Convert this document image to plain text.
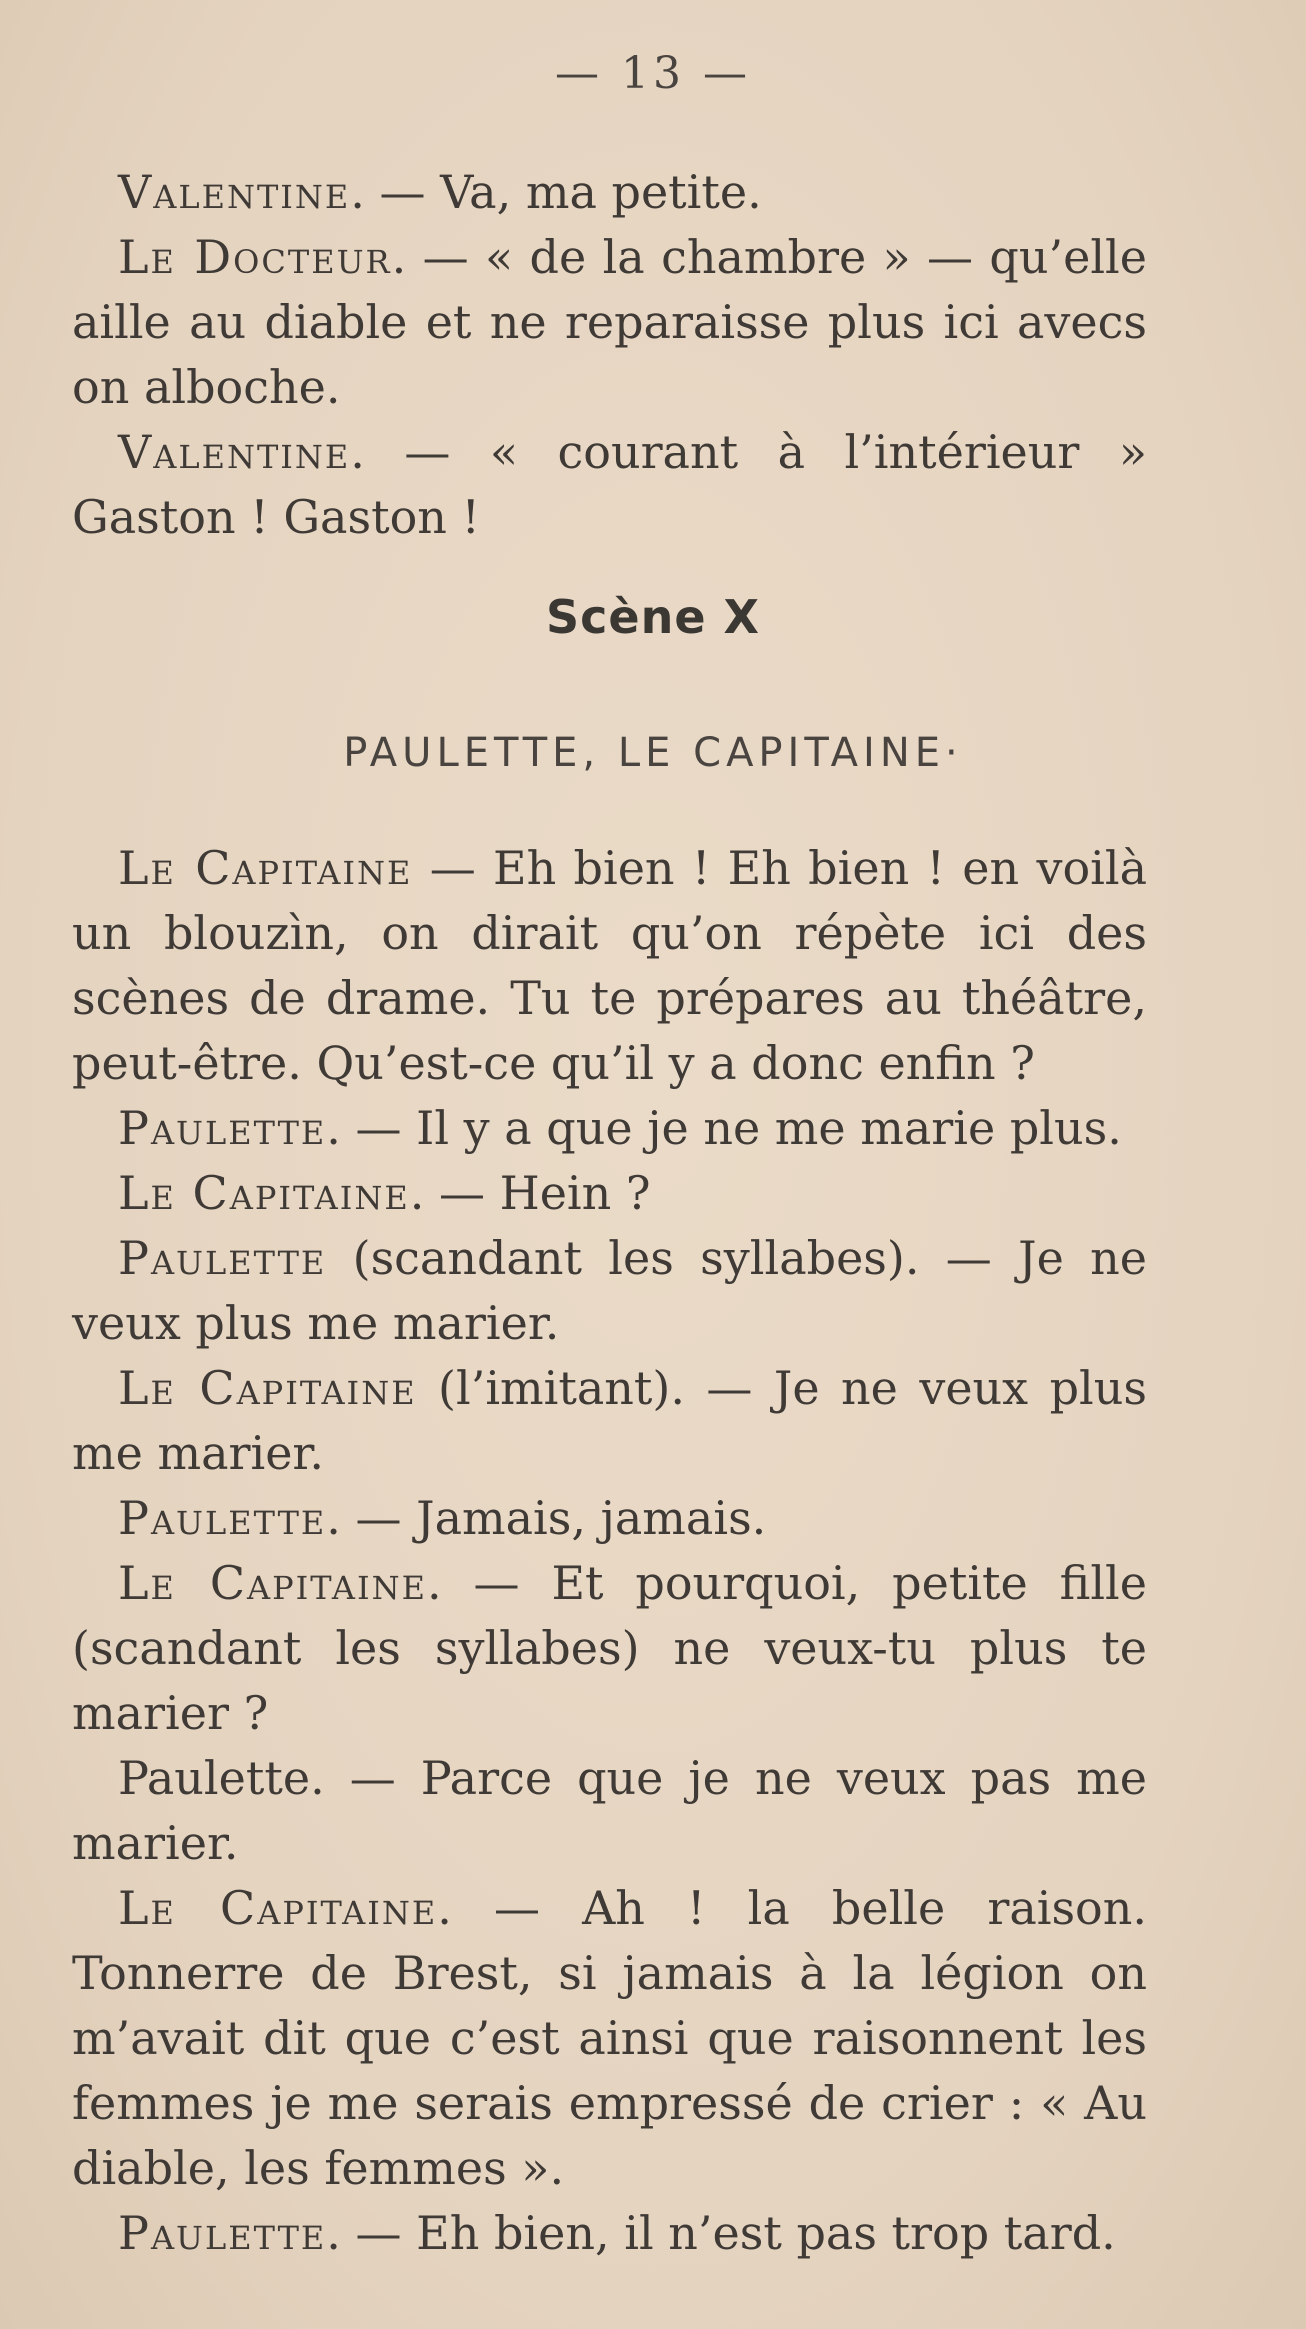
— 13 —

Valentine. — Va, ma petite.

Le Docteur. — « de la chambre » — qu’elle aille au diable et ne reparaisse plus ici avecs on alboche.

Valentine. — « courant à l’intérieur » Gaston ! Gaston !

Scène X
PAULETTE, LE CAPITAINE·

Le Capitaine — Eh bien ! Eh bien ! en voilà un blouzìn, on dirait qu’on répète ici des scènes de drame. Tu te prépares au théâtre, peut-être. Qu’est-ce qu’il y a donc enfin ?

Paulette. — Il y a que je ne me marie plus.

Le Capitaine. — Hein ?

Paulette (scandant les syllabes). — Je ne veux plus me marier.

Le Capitaine (l’imitant). — Je ne veux plus me marier.

Paulette. — Jamais, jamais.

Le Capitaine. — Et pourquoi, petite fille (scandant les syllabes) ne veux-tu plus te marier ?

Paulette. — Parce que je ne veux pas me marier.

Le Capitaine. — Ah ! la belle raison. Tonnerre de Brest, si jamais à la légion on m’avait dit que c’est ainsi que raisonnent les femmes je me serais empressé de crier : « Au diable, les femmes ».

Paulette. — Eh bien, il n’est pas trop tard.
